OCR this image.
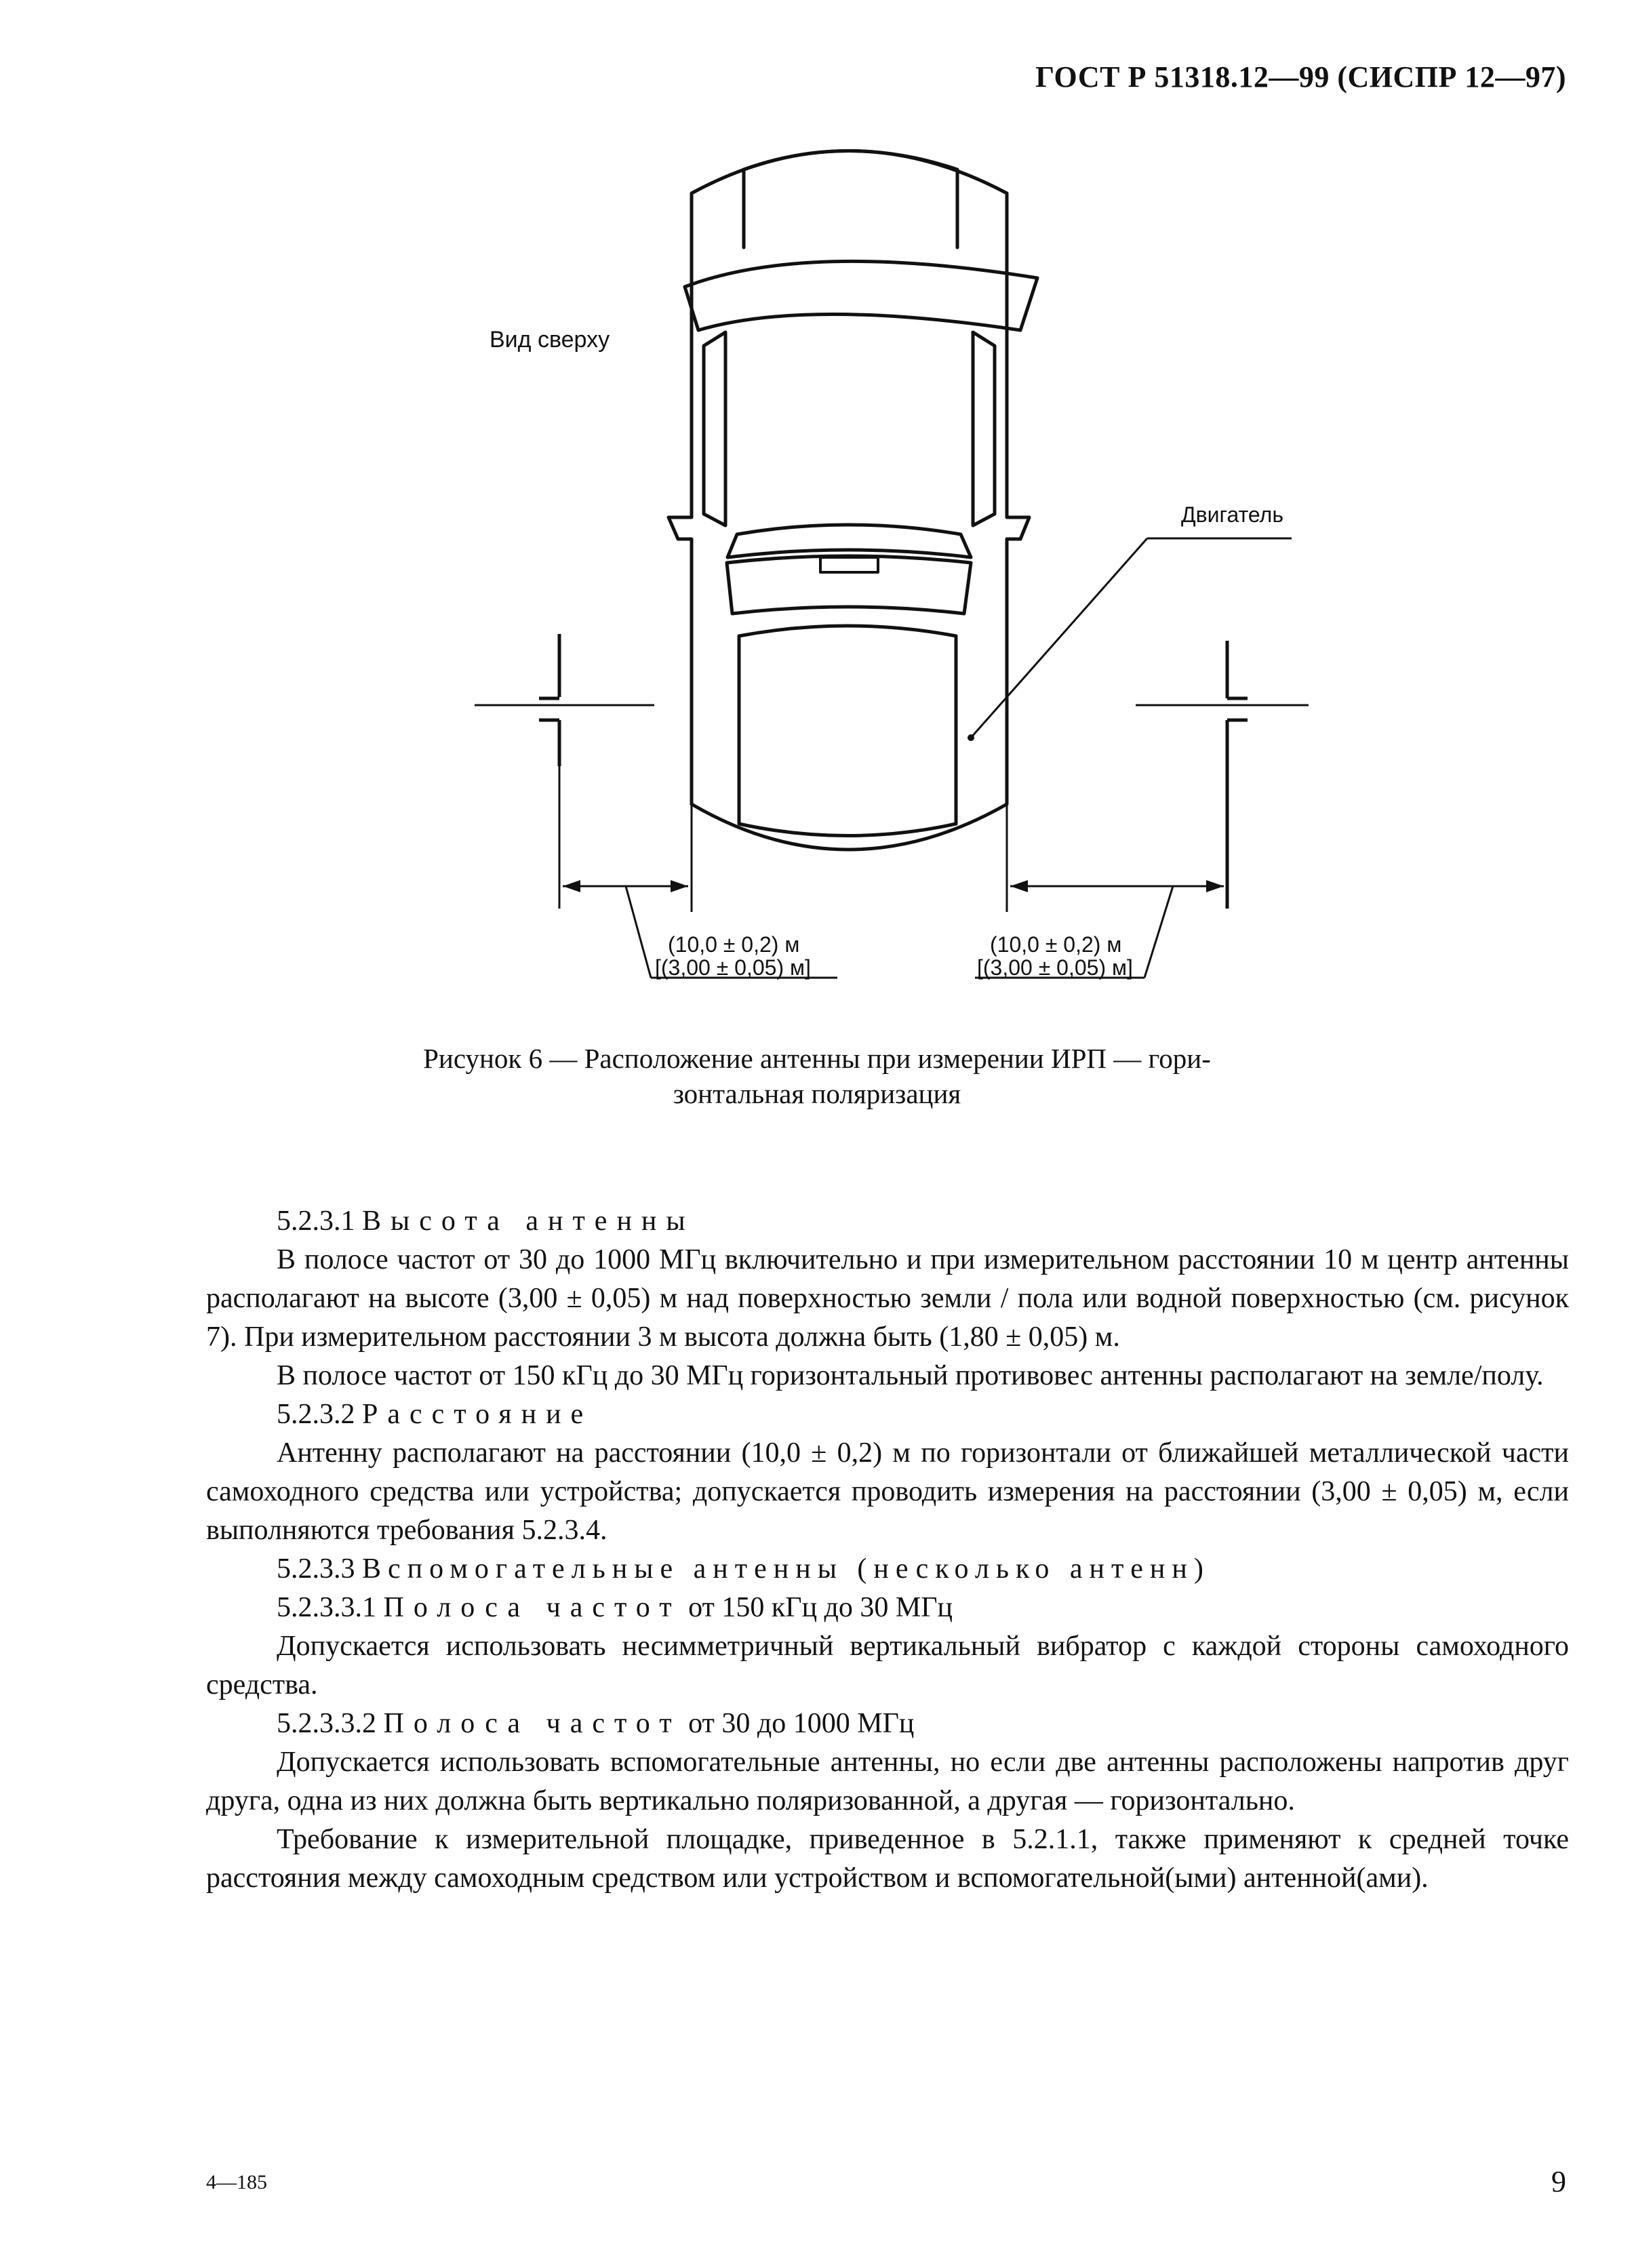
ГОСТ Р 51318.12—99 (СИСПР 12—97)
Двигатель
Вид сверху
(10,0 ± 0,2) м
[(3,00 ± 0,05) м]
(10,0 ± 0,2) м
[(3,00 ± 0,05) м]
Рисунок 6 — Расположение антенны при измерении ИРП — гори-
зонтальная поляризация

5.2.3.1 Высота антенны

В полосе частот от 30 до 1000 МГц включительно и при измерительном расстоянии 10 м центр антенны располагают на высоте (3,00 ± 0,05) м над поверхностью земли / пола или водной поверхностью (см. рисунок 7). При измерительном расстоянии 3 м высота должна быть (1,80 ± 0,05) м.

В полосе частот от 150 кГц до 30 МГц горизонтальный противовес антенны располагают на земле/полу.

5.2.3.2 Расстояние

Антенну располагают на расстоянии (10,0 ± 0,2) м по горизонтали от ближайшей металлической части самоходного средства или устройства; допускается проводить измерения на расстоянии (3,00 ± 0,05) м, если выполняются требования 5.2.3.4.

5.2.3.3 Вспомогательные антенны (несколько антенн)

5.2.3.3.1 Полоса частот от 150 кГц до 30 МГц

Допускается использовать несимметричный вертикальный вибратор с каждой стороны самоходного средства.

5.2.3.3.2 Полоса частот от 30 до 1000 МГц

Допускается использовать вспомогательные антенны, но если две антенны расположены напротив друг друга, одна из них должна быть вертикально поляризованной, а другая — горизонтально.

Требование к измерительной площадке, приведенное в 5.2.1.1, также применяют к средней точке расстояния между самоходным средством или устройством и вспомогательной(ыми) антенной(ами).

4—185	9
